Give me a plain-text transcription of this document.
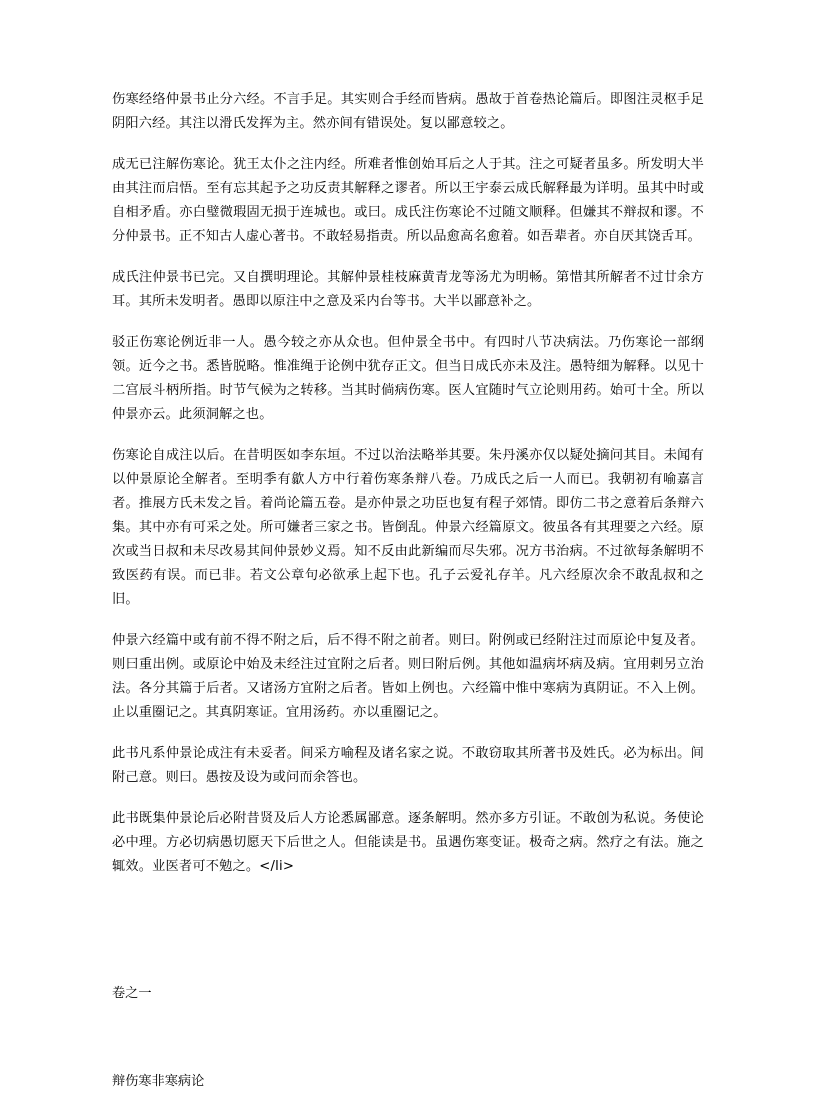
伤寒经络仲景书止分六经。不言手足。其实则合手经而皆病。愚故于首卷热论篇后。即图注灵枢手足阴阳六经。其注以滑氏发挥为主。然亦间有错误处。复以鄙意较之。

成无已注解伤寒论。犹王太仆之注内经。所难者惟创始耳后之人于其。注之可疑者虽多。所发明大半由其注而启悟。至有忘其起予之功反责其解释之谬者。所以王宇泰云成氏解释最为详明。虽其中时或自相矛盾。亦白璧微瑕固无损于连城也。或曰。成氏注伤寒论不过随文顺释。但嫌其不辩叔和谬。不分仲景书。正不知古人虚心著书。不敢轻易指责。所以品愈高名愈着。如吾辈者。亦自厌其饶舌耳。

成氏注仲景书已完。又自撰明理论。其解仲景桂枝麻黄青龙等汤尤为明畅。第惜其所解者不过廿余方耳。其所未发明者。愚即以原注中之意及采内台等书。大半以鄙意补之。

驳正伤寒论例近非一人。愚今较之亦从众也。但仲景全书中。有四时八节决病法。乃伤寒论一部纲领。近今之书。悉皆脱略。惟准绳于论例中犹存正文。但当日成氏亦未及注。愚特细为解释。以见十二宫辰斗柄所指。时节气候为之转移。当其时倘病伤寒。医人宜随时气立论则用药。始可十全。所以仲景亦云。此须洞解之也。

伤寒论自成注以后。在昔明医如李东垣。不过以治法略举其要。朱丹溪亦仅以疑处摘问其目。未闻有以仲景原论全解者。至明季有歙人方中行着伤寒条辩八卷。乃成氏之后一人而已。我朝初有喻嘉言者。推展方氏未发之旨。着尚论篇五卷。是亦仲景之功臣也复有程子郊情。即仿二书之意着后条辩六集。其中亦有可采之处。所可嫌者三家之书。皆倒乱。仲景六经篇原文。彼虽各有其理要之六经。原次或当日叔和未尽改易其间仲景妙义焉。知不反由此新编而尽失邪。况方书治病。不过欲每条解明不致医药有误。而已非。若文公章句必欲承上起下也。孔子云爱礼存羊。凡六经原次余不敢乱叔和之旧。

仲景六经篇中或有前不得不附之后，后不得不附之前者。则曰。附例或已经附注过而原论中复及者。则曰重出例。或原论中始及未经注过宜附之后者。则曰附后例。其他如温病坏病及病。宜用剌另立治法。各分其篇于后者。又诸汤方宜附之后者。皆如上例也。六经篇中惟中寒病为真阴证。不入上例。止以重圈记之。其真阴寒证。宜用汤药。亦以重圈记之。

此书凡系仲景论成注有未妥者。间采方喻程及诸名家之说。不敢窃取其所著书及姓氏。必为标出。间附己意。则曰。愚按及设为或问而余答也。

此书既集仲景论后必附昔贤及后人方论悉属鄙意。逐条解明。然亦多方引证。不敢创为私说。务使论必中理。方必切病愚切愿天下后世之人。但能读是书。虽遇伤寒变证。极奇之病。然疗之有法。施之辄效。业医者可不勉之。</li>

卷之一

辩伤寒非寒病论
